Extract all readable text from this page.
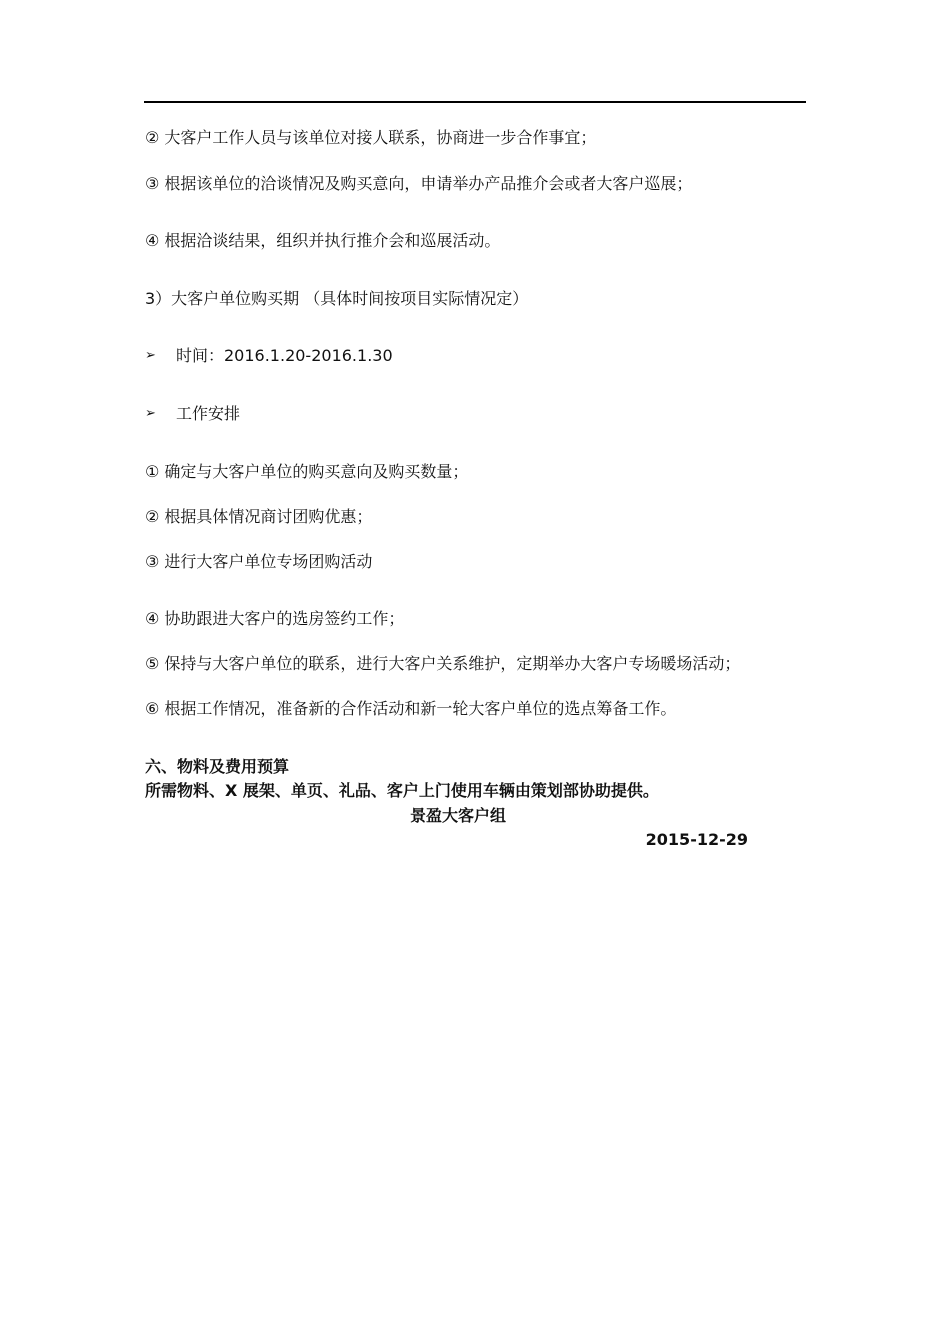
② 大客户工作人员与该单位对接人联系，协商进一步合作事宜；
③ 根据该单位的洽谈情况及购买意向，申请举办产品推介会或者大客户巡展；
④ 根据洽谈结果，组织并执行推介会和巡展活动。
3）大客户单位购买期 （具体时间按项目实际情况定）
➢ 时间：2016.1.20-2016.1.30
➢ 工作安排
① 确定与大客户单位的购买意向及购买数量；
② 根据具体情况商讨团购优惠；
③ 进行大客户单位专场团购活动
④ 协助跟进大客户的选房签约工作；
⑤ 保持与大客户单位的联系，进行大客户关系维护，定期举办大客户专场暖场活动；
⑥ 根据工作情况，准备新的合作活动和新一轮大客户单位的选点筹备工作。
六、物料及费用预算
所需物料、X 展架、单页、礼品、客户上门使用车辆由策划部协助提供。
景盈大客户组
2015-12-29
